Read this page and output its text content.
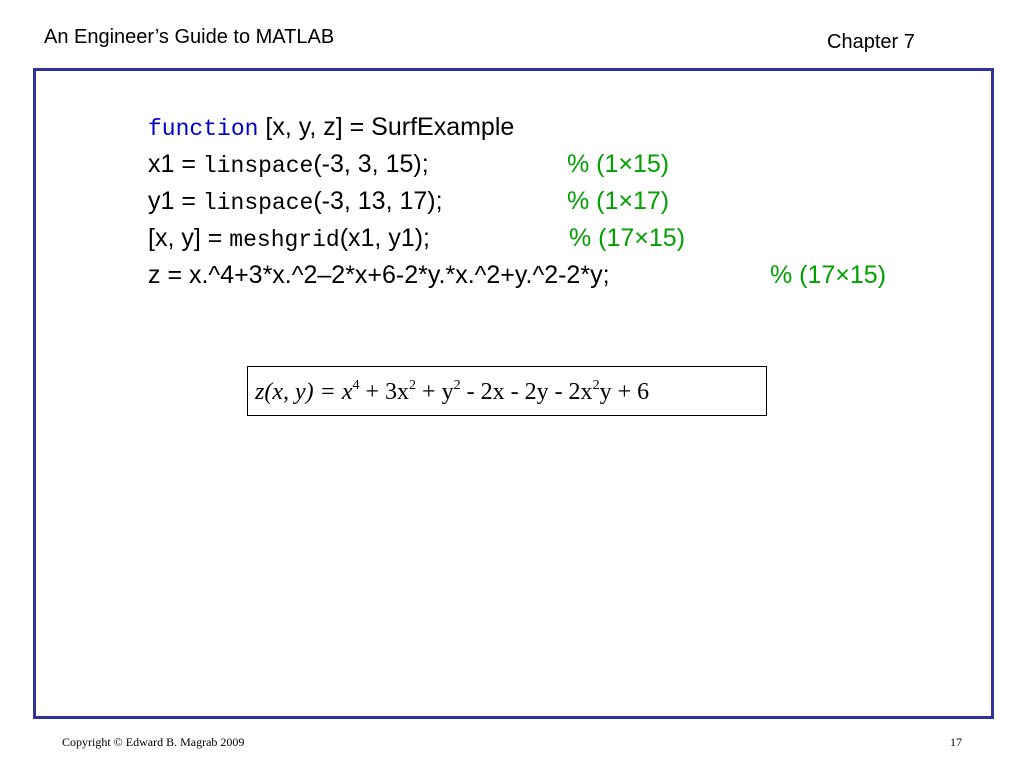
An Engineer’s Guide to MATLAB	Chapter 7
function [x, y, z] = SurfExample
x1 = linspace(-3, 3, 15);	% (1×15)
y1 = linspace(-3, 13, 17);	% (1×17)
[x, y] = meshgrid(x1, y1);	% (17×15)
z = x.^4+3*x.^2–2*x+6-2*y.*x.^2+y.^2-2*y;	% (17×15)
z(x, $y) = x^4 + 3x^2 + y^2 - 2x - 2y - 2x^2y + 6$
Copyright © Edward B. Magrab 2009	17
